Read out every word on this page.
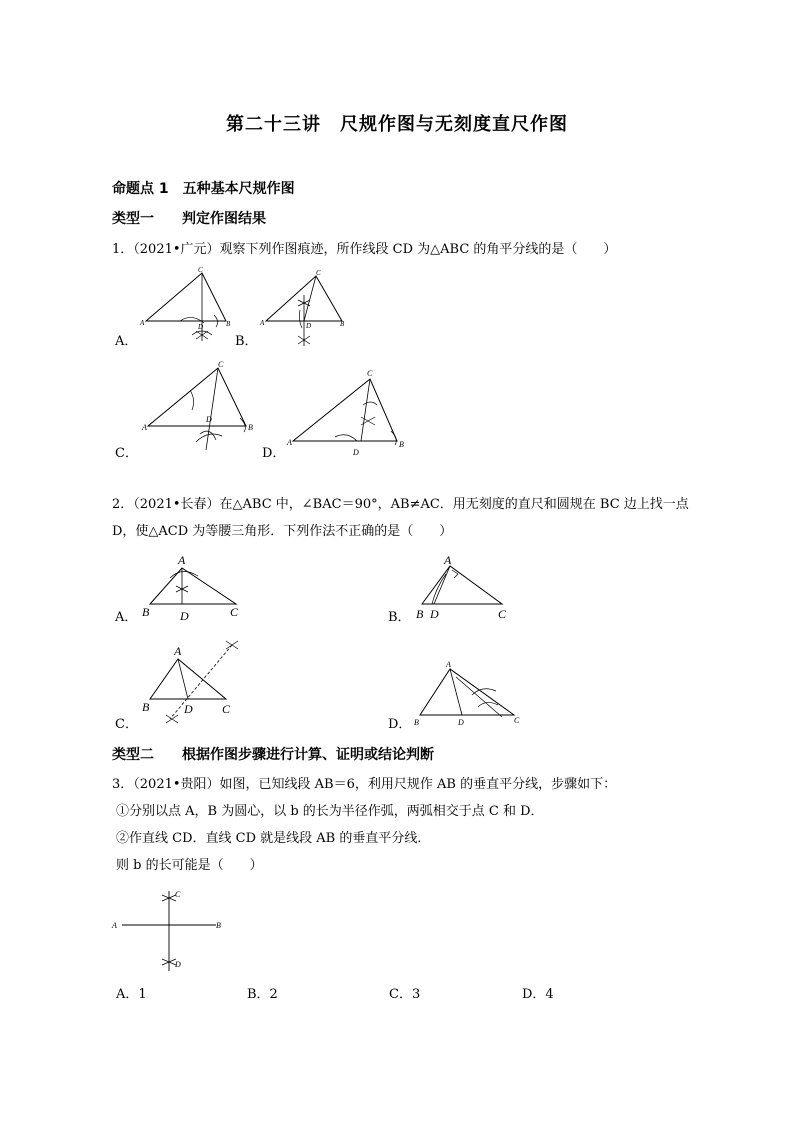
第二十三讲　尺规作图与无刻度直尺作图
命题点 1　五种基本尺规作图
类型一　　判定作图结果
1．（2021•广元）观察下列作图痕迹，所作线段 CD 为△ABC 的角平分线的是（　　）
A．
A
C
B
D
B．
A
C
B
D
C．
A
C
B
D
D．
A
C
B
D
2．（2021•长春）在△ABC 中，∠BAC＝90°，AB≠AC．用无刻度的直尺和圆规在 BC 边上找一点
D，使△ACD 为等腰三角形．下列作法不正确的是（　　）
A．
A
B	C
D	B．
A
B D	C
C．
A
B	D C
D．
A
B	D	C
类型二　　根据作图步骤进行计算、证明或结论判断
3．（2021•贵阳）如图，已知线段 AB＝6，利用尺规作 AB 的垂直平分线，步骤如下：
①分别以点 A，B 为圆心，以 b 的长为半径作弧，两弧相交于点 C 和 D．
②作直线 CD．直线 CD 就是线段 AB 的垂直平分线．
则 b 的长可能是（　　）
A	B
C
D
A．1	B．2	C．3	D．4
